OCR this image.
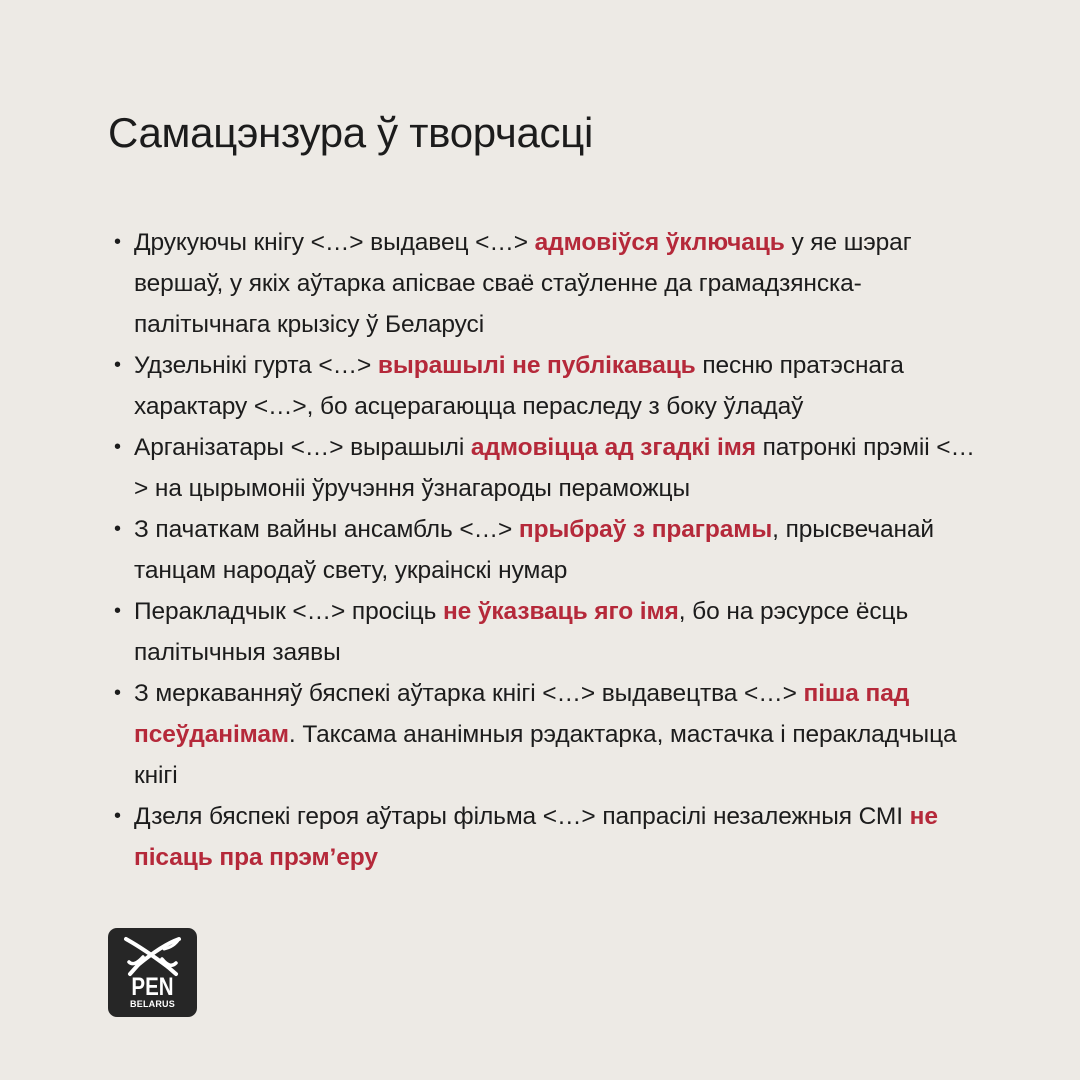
Самацэнзура ў творчасці
• Друкуючы кнігу <…> выдавец <…> адмовіўся ўключаць у яе шэраг вершаў, у якіх аўтарка апісвае сваё стаўленне да грамадзянска-палітычнага крызісу ў Беларусі
• Удзельнікі гурта <…> вырашылі не публікаваць песню пратэснага характару <…>, бо асцерагаюцца пераследу з боку ўладаў
• Арганізатары <…> вырашылі адмовіцца ад згадкі імя патронкі прэміі <…> на цырымоніі ўручэння ўзнагароды пераможцы
• З пачаткам вайны ансамбль <…> прыбраў з праграмы, прысвечанай танцам народаў свету, украінскі нумар
• Перакладчык <…> просіць не ўказваць яго імя, бо на рэсурсе ёсць палітычныя заявы
• З меркаванняў бяспекі аўтарка кнігі <…> выдавецтва <…> піша пад псеўданімам. Таксама ананімныя рэдактарка, мастачка і перакладчыца кнігі
• Дзеля бяспекі героя аўтары фільма <…> папрасілі незалежныя СМІ не пісаць пра прэм’еру
PEN
BELARUS
